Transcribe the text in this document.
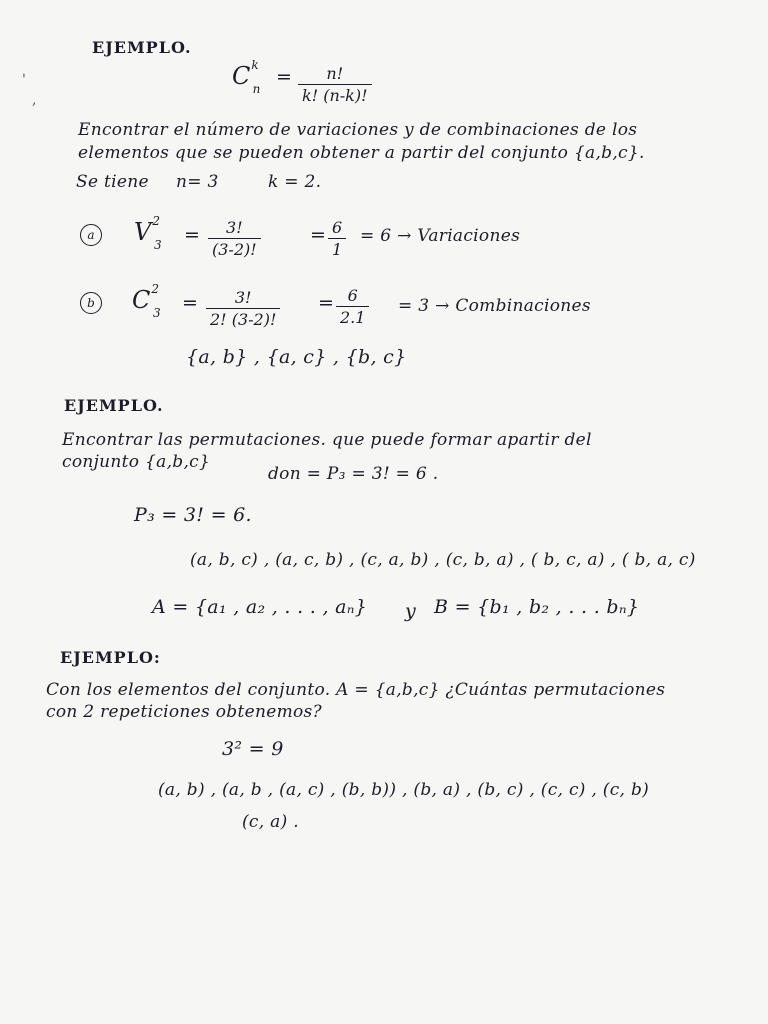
EJEMPLO.
$C^k_n$
= n!
k! (n-k)!
'
,
Encontrar el número de variaciones y de combinaciones de los
elementos que se pueden obtener a partir del conjunto {a,b,c}.
Se tiene n= 3	k = 2.
a	$V^2_3 = 3$!
(3-2)!
= 6
1
= 6 → Variaciones
b $C^2_3 = 3$!
2! (3-2)!
= 6
2.1
= 3 → Combinaciones
{a, b} , {a, c} , {b, c}
EJEMPLO.
Encontrar las permutaciones. que puede formar apartir del
conjunto {a,b,c}
don = P₃ = 3! = 6 .
P₃ = 3! = 6.
(a, b, c) , (a, c, b) , (c, a, b) , (c, b, a) , ( b, c, a) , ( b, a, c)
A = {a₁ , a₂ , . . . , aₙ} y B = {b₁ , b₂ , . . . bₙ}
EJEMPLO:
Con los elementos del conjunto. A = {a,b,c} ¿Cuántas permutaciones
con 2 repeticiones obtenemos?
3² = 9
(a, b) , (a, b , (a, c) , (b, b)) , (b, a) , (b, c) , (c, c) , (c, b)
(c, a) .
